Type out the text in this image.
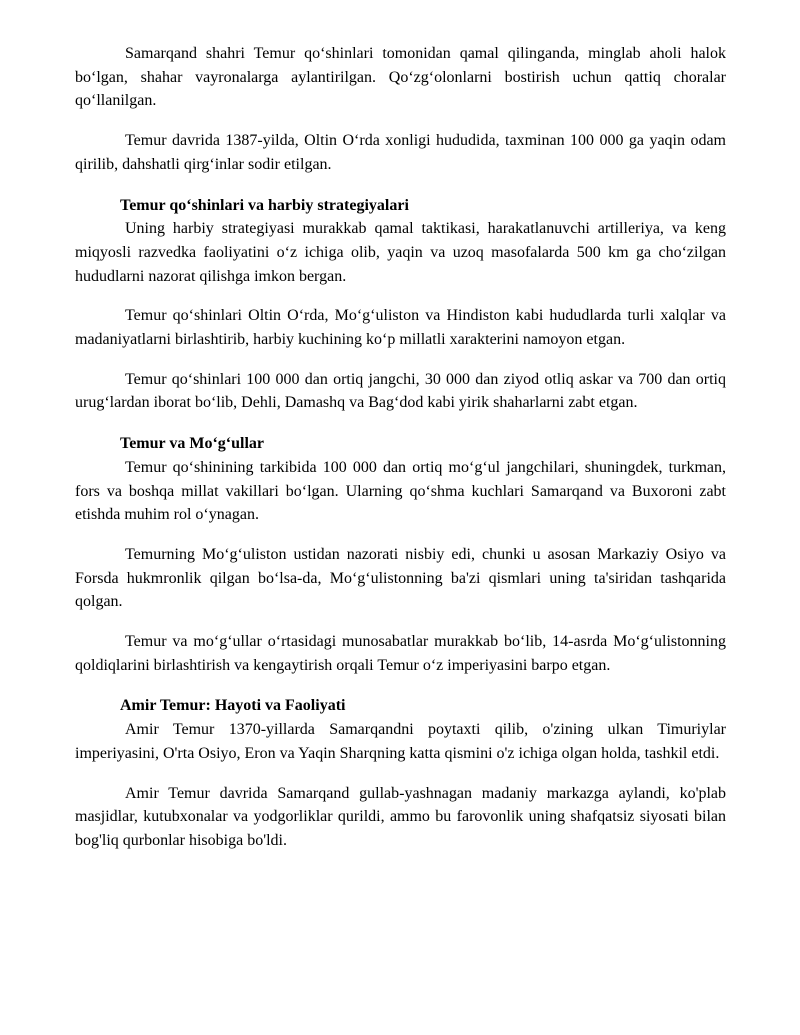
Samarqand shahri Temur qo‘shinlari tomonidan qamal qilinganda, minglab aholi halok bo‘lgan, shahar vayronalarga aylantirilgan. Qo‘zg‘olonlarni bostirish uchun qattiq choralar qo‘llanilgan.

Temur davrida 1387-yilda, Oltin O‘rda xonligi hududida, taxminan 100 000 ga yaqin odam qirilib, dahshatli qirg‘inlar sodir etilgan.

Temur qo‘shinlari va harbiy strategiyalari

Uning harbiy strategiyasi murakkab qamal taktikasi, harakatlanuvchi artilleriya, va keng miqyosli razvedka faoliyatini o‘z ichiga olib, yaqin va uzoq masofalarda 500 km ga cho‘zilgan hududlarni nazorat qilishga imkon bergan.

Temur qo‘shinlari Oltin O‘rda, Mo‘g‘uliston va Hindiston kabi hududlarda turli xalqlar va madaniyatlarni birlashtirib, harbiy kuchining ko‘p millatli xarakterini namoyon etgan.

Temur qo‘shinlari 100 000 dan ortiq jangchi, 30 000 dan ziyod otliq askar va 700 dan ortiq urug‘lardan iborat bo‘lib, Dehli, Damashq va Bag‘dod kabi yirik shaharlarni zabt etgan.

Temur va Mo‘g‘ullar

Temur qo‘shinining tarkibida 100 000 dan ortiq mo‘g‘ul jangchilari, shuningdek, turkman, fors va boshqa millat vakillari bo‘lgan. Ularning qo‘shma kuchlari Samarqand va Buxoroni zabt etishda muhim rol o‘ynagan.

Temurning Mo‘g‘uliston ustidan nazorati nisbiy edi, chunki u asosan Markaziy Osiyo va Forsda hukmronlik qilgan bo‘lsa-da, Mo‘g‘ulistonning ba'zi qismlari uning ta'siridan tashqarida qolgan.

Temur va mo‘g‘ullar o‘rtasidagi munosabatlar murakkab bo‘lib, 14-asrda Mo‘g‘ulistonning qoldiqlarini birlashtirish va kengaytirish orqali Temur o‘z imperiyasini barpo etgan.

Amir Temur: Hayoti va Faoliyati

Amir Temur 1370-yillarda Samarqandni poytaxti qilib, o'zining ulkan Timuriylar imperiyasini, O'rta Osiyo, Eron va Yaqin Sharqning katta qismini o'z ichiga olgan holda, tashkil etdi.

Amir Temur davrida Samarqand gullab-yashnagan madaniy markazga aylandi, ko'plab masjidlar, kutubxonalar va yodgorliklar qurildi, ammo bu farovonlik uning shafqatsiz siyosati bilan bog'liq qurbonlar hisobiga bo'ldi.
